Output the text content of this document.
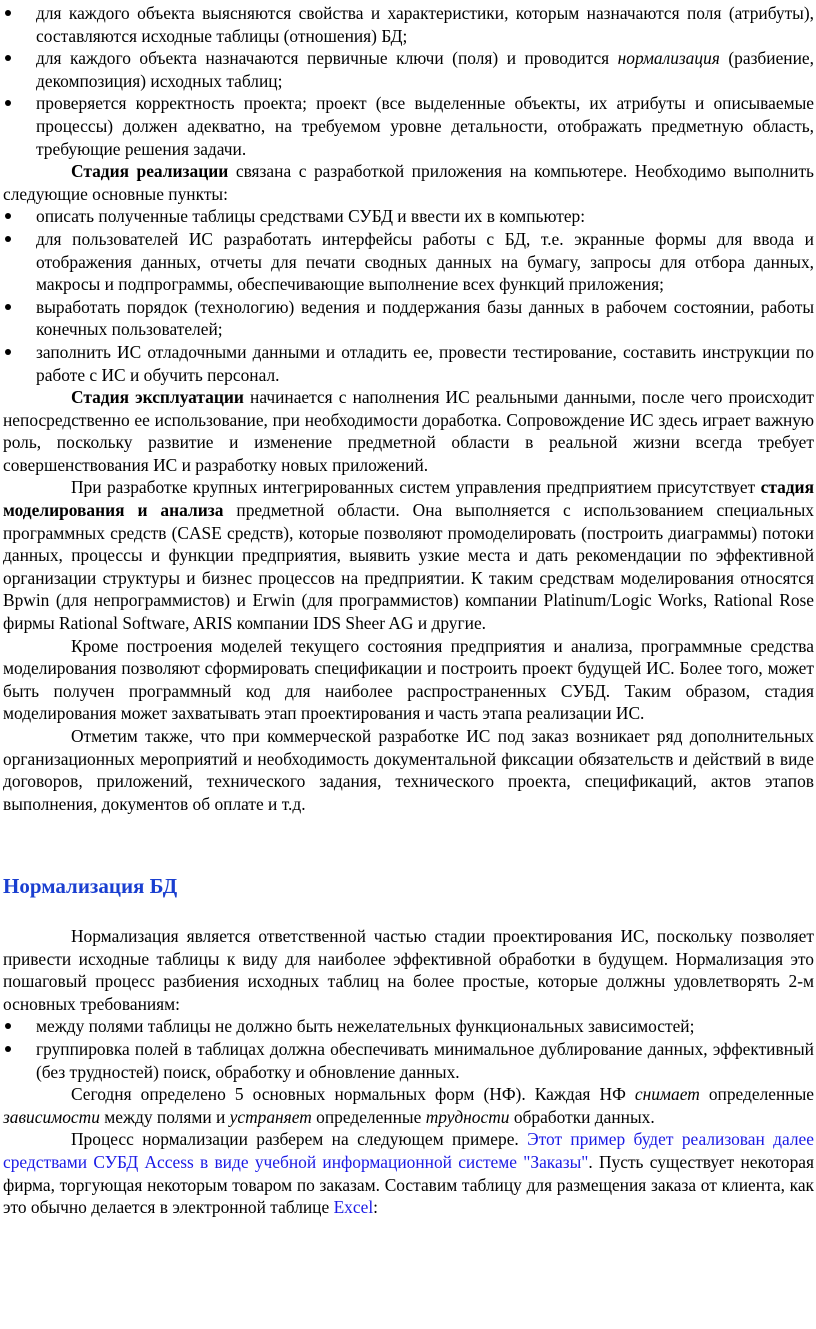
для каждого объекта выясняются свойства и характеристики, которым назначаются поля (атрибуты), составляются исходные таблицы (отношения) БД;
для каждого объекта назначаются первичные ключи (поля) и проводится нормализация (разбиение, декомпозиция) исходных таблиц;
проверяется корректность проекта; проект (все выделенные объекты, их атрибуты и описываемые процессы) должен адекватно, на требуемом уровне детальности, отображать предметную область, требующие решения задачи.

Стадия реализации связана с разработкой приложения на компьютере. Необходимо выполнить следующие основные пункты:

описать полученные таблицы средствами СУБД и ввести их в компьютер:
для пользователей ИС разработать интерфейсы работы с БД, т.е. экранные формы для ввода и отображения данных, отчеты для печати сводных данных на бумагу, запросы для отбора данных, макросы и подпрограммы, обеспечивающие выполнение всех функций приложения;
выработать порядок (технологию) ведения и поддержания базы данных в рабочем состоянии, работы конечных пользователей;
заполнить ИС отладочными данными и отладить ее, провести тестирование, составить инструкции по работе с ИС и обучить персонал.

Стадия эксплуатации начинается с наполнения ИС реальными данными, после чего происходит непосредственно ее использование, при необходимости доработка. Сопровождение ИС здесь играет важную роль, поскольку развитие и изменение предметной области в реальной жизни всегда требует совершенствования ИС и разработку новых приложений.

При разработке крупных интегрированных систем управления предприятием присутствует стадия моделирования и анализа предметной области. Она выполняется с использованием специальных программных средств (CASE средств), которые позволяют промоделировать (построить диаграммы) потоки данных, процессы и функции предприятия, выявить узкие места и дать рекомендации по эффективной организации структуры и бизнес процессов на предприятии. К таким средствам моделирования относятся Bpwin (для непрограммистов) и Erwin (для программистов) компании Platinum/Logic Works, Rational Rose фирмы Rational Software, ARIS компании IDS Sheer AG и другие.

Кроме построения моделей текущего состояния предприятия и анализа, программные средства моделирования позволяют сформировать спецификации и построить проект будущей ИС. Более того, может быть получен программный код для наиболее распространенных СУБД. Таким образом, стадия моделирования может захватывать этап проектирования и часть этапа реализации ИС.

Отметим также, что при коммерческой разработке ИС под заказ возникает ряд дополнительных организационных мероприятий и необходимость документальной фиксации обязательств и действий в виде договоров, приложений, технического задания, технического проекта, спецификаций, актов этапов выполнения, документов об оплате и т.д.

Нормализация БД

Нормализация является ответственной частью стадии проектирования ИС, поскольку позволяет привести исходные таблицы к виду для наиболее эффективной обработки в будущем. Нормализация это пошаговый процесс разбиения исходных таблиц на более простые, которые должны удовлетворять 2-м основных требованиям:

между полями таблицы не должно быть нежелательных функциональных зависимостей;
группировка полей в таблицах должна обеспечивать минимальное дублирование данных, эффективный (без трудностей) поиск, обработку и обновление данных.

Сегодня определено 5 основных нормальных форм (НФ). Каждая НФ снимает определенные зависимости между полями и устраняет определенные трудности обработки данных.

Процесс нормализации разберем на следующем примере. Этот пример будет реализован далее средствами СУБД Access в виде учебной информационной системе "Заказы". Пусть существует некоторая фирма, торгующая некоторым товаром по заказам. Составим таблицу для размещения заказа от клиента, как это обычно делается в электронной таблице Excel:
